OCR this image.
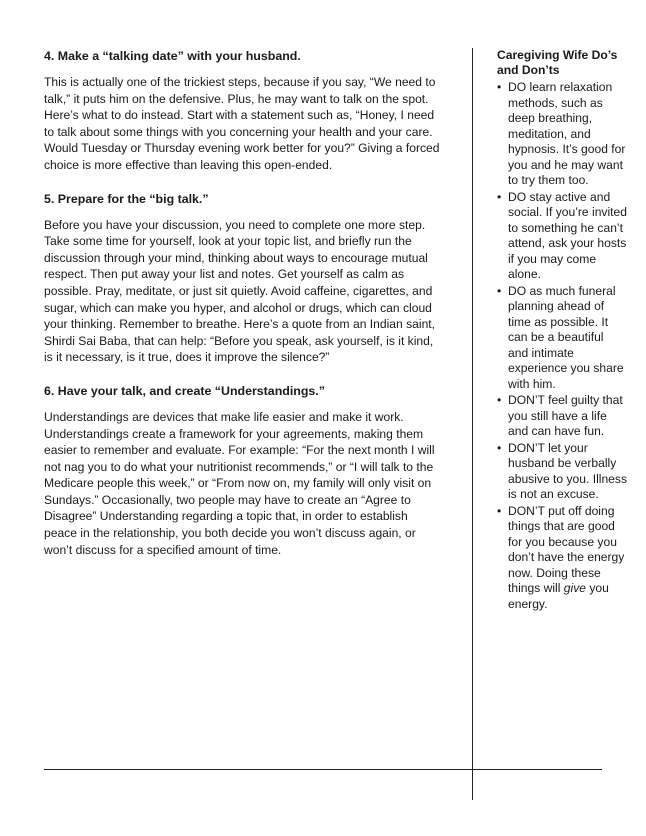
4. Make a “talking date” with your husband.

This is actually one of the trickiest steps, because if you say, “We need to talk,” it puts him on the defensive. Plus, he may want to talk on the spot. Here’s what to do instead. Start with a statement such as, “Honey, I need to talk about some things with you concerning your health and your care. Would Tuesday or Thursday evening work better for you?” Giving a forced choice is more effective than leaving this open-ended.

5. Prepare for the “big talk.”

Before you have your discussion, you need to complete one more step. Take some time for yourself, look at your topic list, and briefly run the discussion through your mind, thinking about ways to encourage mutual respect. Then put away your list and notes. Get yourself as calm as possible. Pray, meditate, or just sit quietly. Avoid caffeine, cigarettes, and sugar, which can make you hyper, and alcohol or drugs, which can cloud your thinking. Remember to breathe. Here’s a quote from an Indian saint, Shirdi Sai Baba, that can help: “Before you speak, ask yourself, is it kind, is it necessary, is it true, does it improve the silence?”

6. Have your talk, and create “Understandings.”

Understandings are devices that make life easier and make it work. Understandings create a framework for your agreements, making them easier to remember and evaluate. For example: “For the next month I will not nag you to do what your nutritionist recommends,” or “I will talk to the Medicare people this week,” or “From now on, my family will only visit on Sundays.” Occasionally, two people may have to create an “Agree to Disagree” Understanding regarding a topic that, in order to establish peace in the relationship, you both decide you won’t discuss again, or won’t discuss for a specified amount of time.

Caregiving Wife Do’s and Don’ts
• DO learn relaxation methods, such as deep breathing, meditation, and hypnosis. It’s good for you and he may want to try them too.
• DO stay active and social. If you’re invited to something he can’t attend, ask your hosts if you may come alone.
• DO as much funeral planning ahead of time as possible. It can be a beautiful and intimate experience you share with him.
• DON’T feel guilty that you still have a life and can have fun.
• DON’T let your husband be verbally abusive to you. Illness is not an excuse.
• DON’T put off doing things that are good for you because you don’t have the energy now. Doing these things will give you energy.
